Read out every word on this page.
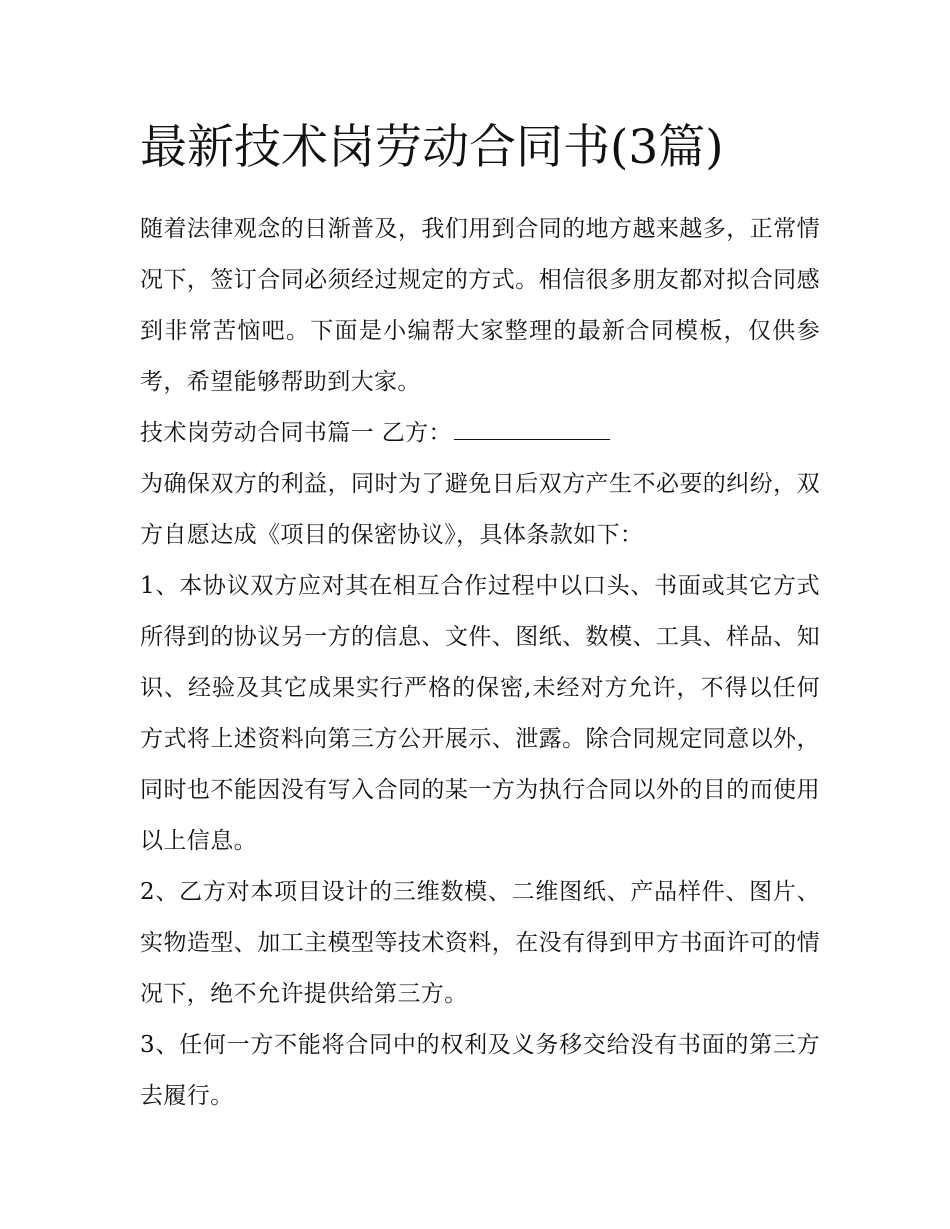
最新技术岗劳动合同书(3篇)

随着法律观念的日渐普及，我们用到合同的地方越来越多，正常情况下，签订合同必须经过规定的方式。相信很多朋友都对拟合同感到非常苦恼吧。下面是小编帮大家整理的最新合同模板，仅供参考，希望能够帮助到大家。

技术岗劳动合同书篇一 乙方：

为确保双方的利益，同时为了避免日后双方产生不必要的纠纷，双方自愿达成《项目的保密协议》，具体条款如下：

1、本协议双方应对其在相互合作过程中以口头、书面或其它方式所得到的协议另一方的信息、文件、图纸、数模、工具、样品、知识、经验及其它成果实行严格的保密,未经对方允许，不得以任何方式将上述资料向第三方公开展示、泄露。除合同规定同意以外，同时也不能因没有写入合同的某一方为执行合同以外的目的而使用以上信息。

2、乙方对本项目设计的三维数模、二维图纸、产品样件、图片、实物造型、加工主模型等技术资料，在没有得到甲方书面许可的情况下，绝不允许提供给第三方。

3、任何一方不能将合同中的权利及义务移交给没有书面的第三方去履行。
